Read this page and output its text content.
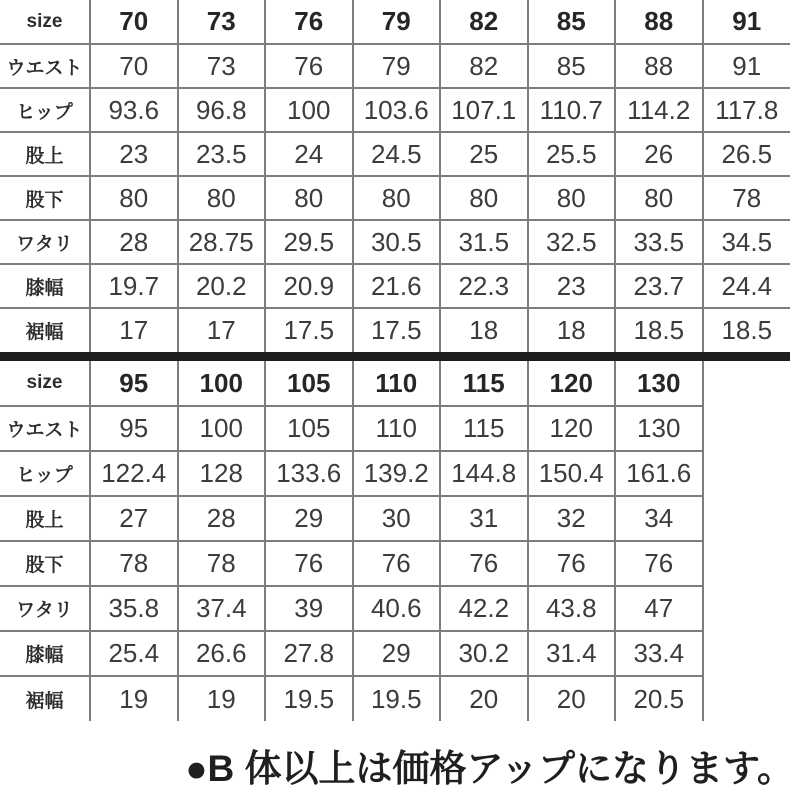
size	70	73	76	79	82	85	88	91
ウエスト	70	73	76	79	82	85	88	91
ヒップ	93.6	96.8	100	103.6	107.1	110.7	114.2	117.8
股上	23	23.5	24	24.5	25	25.5	26	26.5
股下	80	80	80	80	80	80	80	78
ワタリ	28	28.75	29.5	30.5	31.5	32.5	33.5	34.5
膝幅	19.7	20.2	20.9	21.6	22.3	23	23.7	24.4
裾幅	17	17	17.5	17.5	18	18	18.5	18.5
size	95	100	105	110	115	120	130
ウエスト	95	100	105	110	115	120	130
ヒップ	122.4	128	133.6	139.2	144.8	150.4	161.6
股上	27	28	29	30	31	32	34
股下	78	78	76	76	76	76	76
ワタリ	35.8	37.4	39	40.6	42.2	43.8	47
膝幅	25.4	26.6	27.8	29	30.2	31.4	33.4
裾幅	19	19	19.5	19.5	20	20	20.5
●B 体以上は価格アップになります。
